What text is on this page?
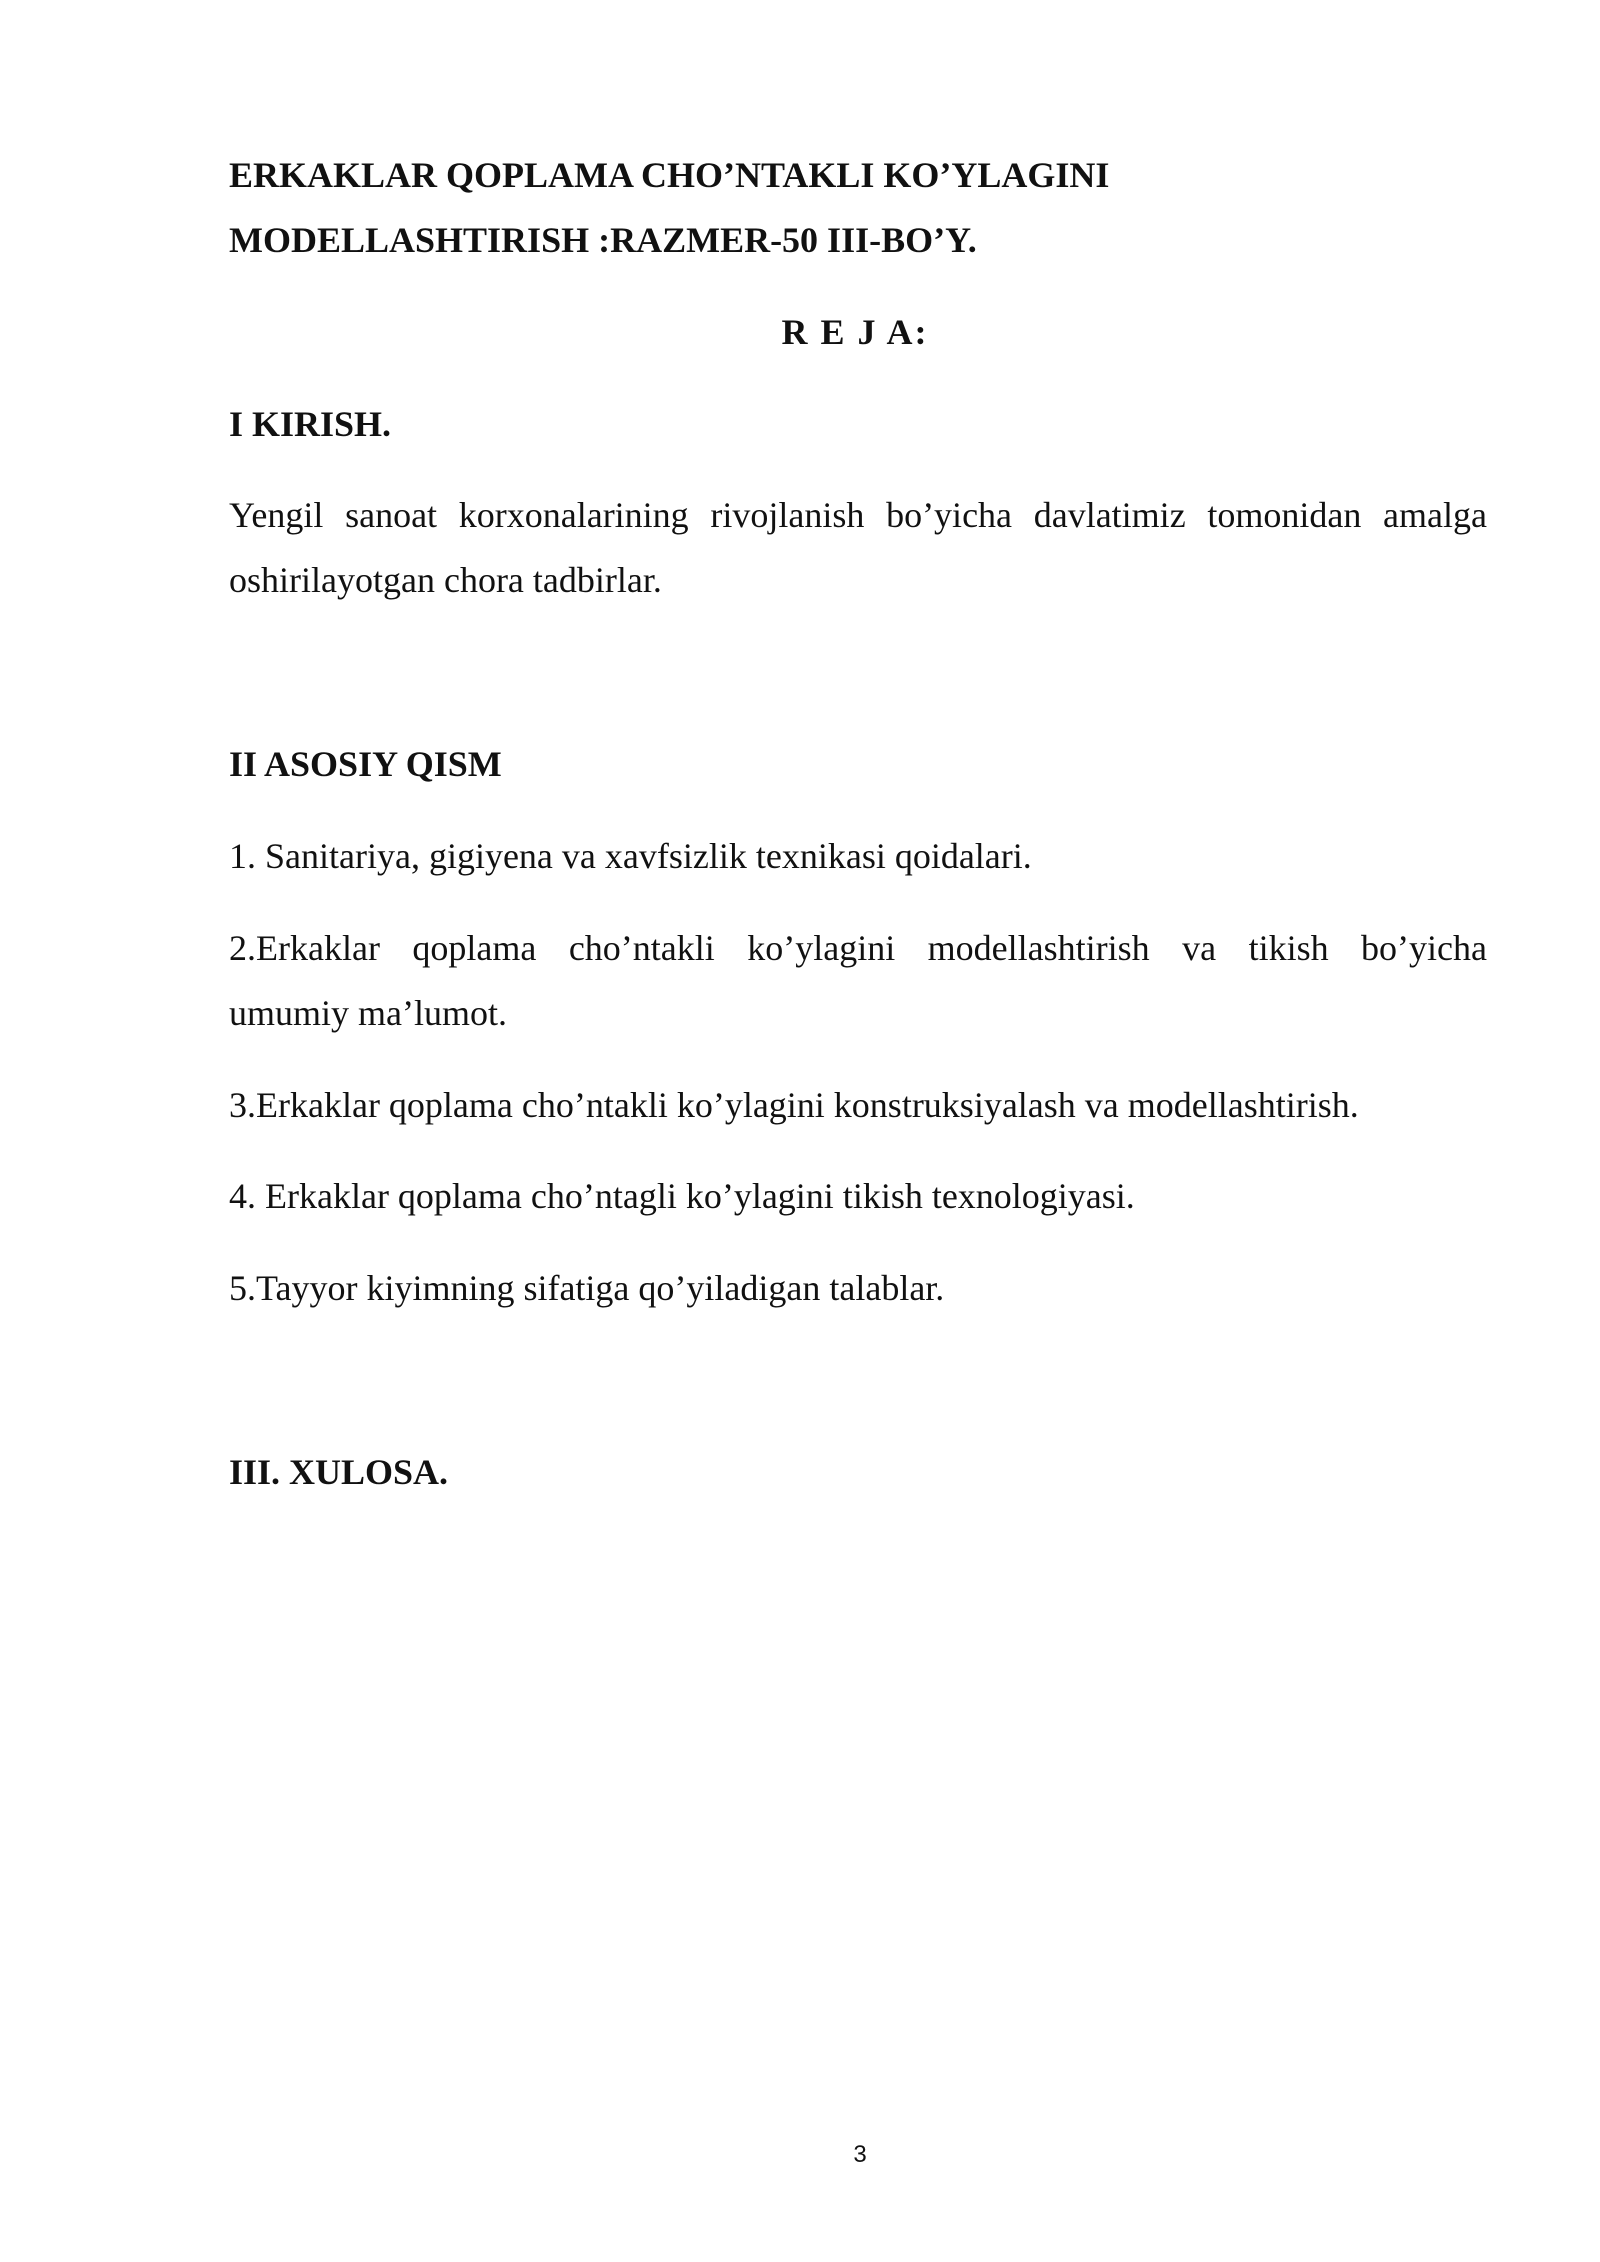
ERKAKLAR QOPLAMA CHO’NTAKLI KO’YLAGINI
MODELLASHTIRISH :RAZMER-50 III-BO’Y.
R E J A:
I KIRISH.
Yengil sanoat korxonalarining rivojlanish bo’yicha davlatimiz tomonidan amalga
oshirilayotgan chora tadbirlar.
II ASOSIY QISM
1. Sanitariya, gigiyena va xavfsizlik texnikasi qoidalari.
2.Erkaklar qoplama cho’ntakli ko’ylagini modellashtirish va tikish bo’yicha
umumiy ma’lumot.
3.Erkaklar qoplama cho’ntakli ko’ylagini konstruksiyalash va modellashtirish.
4. Erkaklar qoplama cho’ntagli ko’ylagini tikish texnologiyasi.
5.Tayyor kiyimning sifatiga qo’yiladigan talablar.
III. XULOSA.
3
